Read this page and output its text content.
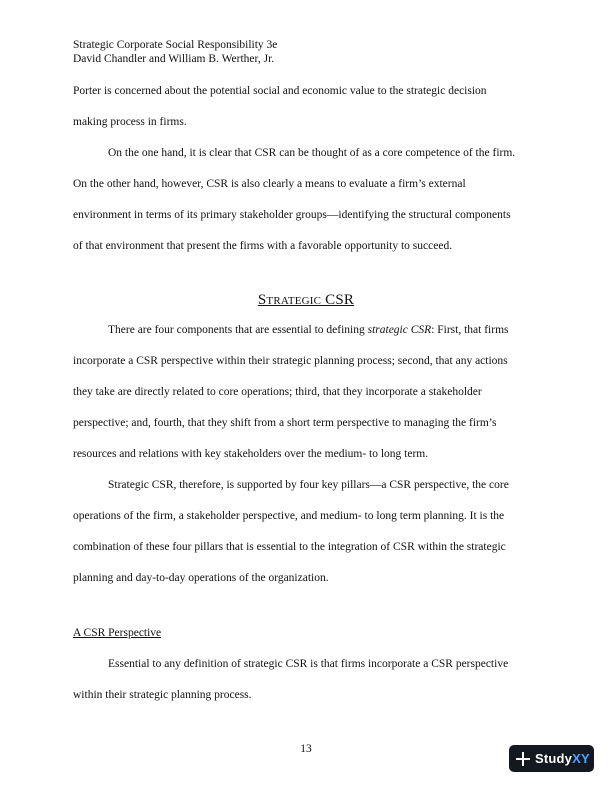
Strategic Corporate Social Responsibility 3e
David Chandler and William B. Werther, Jr.
Porter is concerned about the potential social and economic value to the strategic decision
making process in firms.
On the one hand, it is clear that CSR can be thought of as a core competence of the firm.
On the other hand, however, CSR is also clearly a means to evaluate a firm’s external
environment in terms of its primary stakeholder groups—identifying the structural components
of that environment that present the firms with a favorable opportunity to succeed.
Strategic CSR
There are four components that are essential to defining strategic CSR: First, that firms
incorporate a CSR perspective within their strategic planning process; second, that any actions
they take are directly related to core operations; third, that they incorporate a stakeholder
perspective; and, fourth, that they shift from a short term perspective to managing the firm’s
resources and relations with key stakeholders over the medium- to long term.
Strategic CSR, therefore, is supported by four key pillars—a CSR perspective, the core
operations of the firm, a stakeholder perspective, and medium- to long term planning. It is the
combination of these four pillars that is essential to the integration of CSR within the strategic
planning and day-to-day operations of the organization.
A CSR Perspective
Essential to any definition of strategic CSR is that firms incorporate a CSR perspective
within their strategic planning process.
13
StudyXY
